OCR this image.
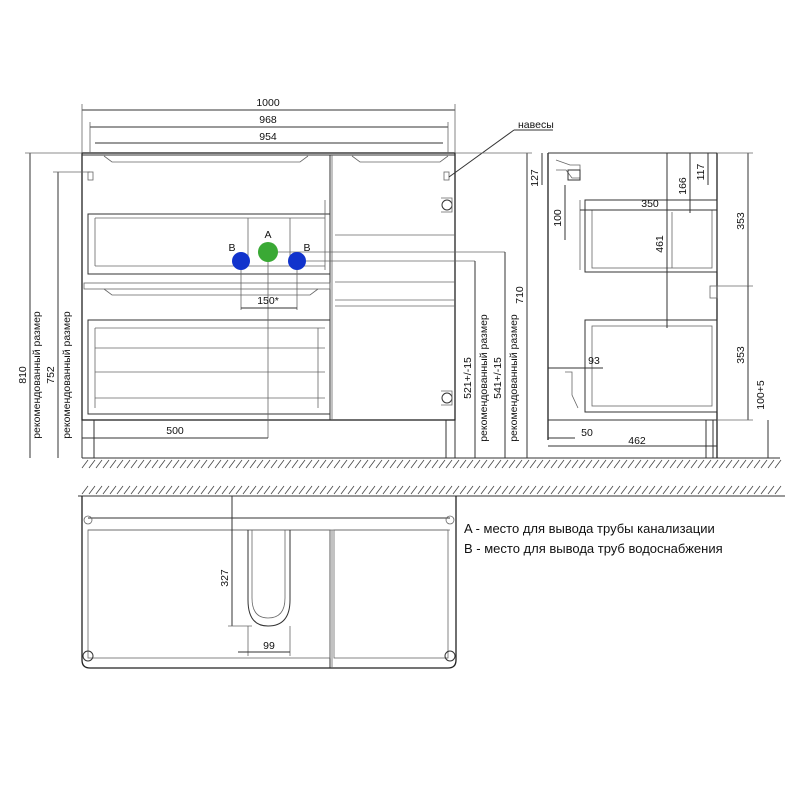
навесы
1000
968
954
150*
A
B	B
500
810 рекомендованный размер 752 рекомендованный размер	521+/-15 рекомендованный размер 541+/-15 рекомендованный размер
710
127
100
350
166
117
461
353
353
100+5
93
50
462
327
99
A - место для вывода трубы канализации
B - место для вывода труб водоснабжения
